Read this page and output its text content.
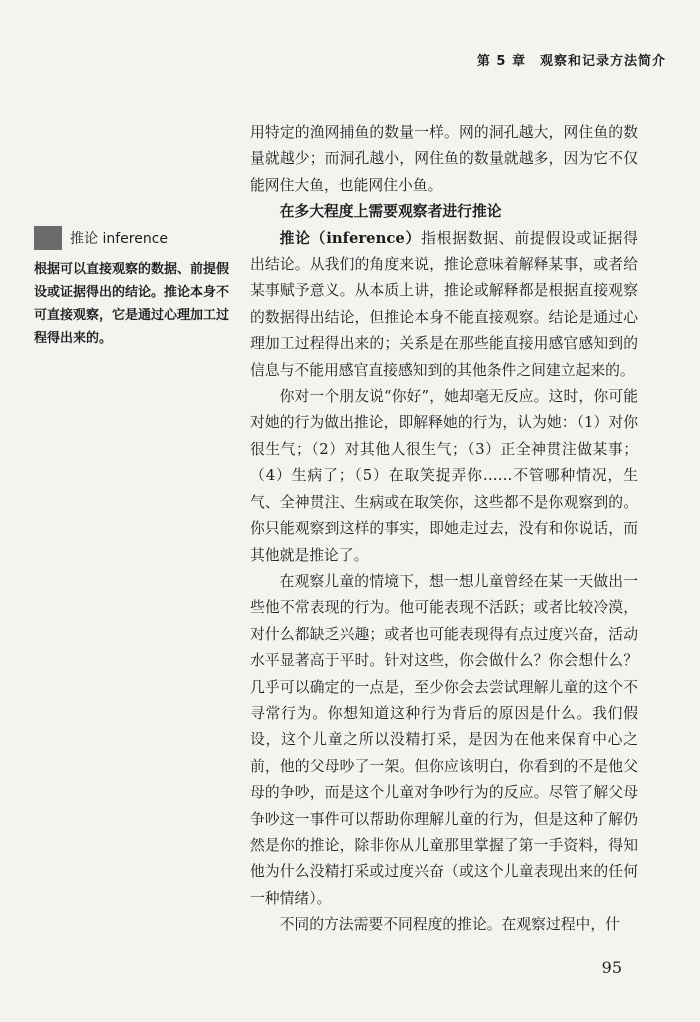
第 5 章 观察和记录方法简介
推论 inference
根据可以直接观察的数据、前提假设或证据得出的结论。推论本身不可直接观察，它是通过心理加工过程得出来的。

用特定的渔网捕鱼的数量一样。网的洞孔越大，网住鱼的数量就越少；而洞孔越小，网住鱼的数量就越多，因为它不仅能网住大鱼，也能网住小鱼。

在多大程度上需要观察者进行推论

推论（inference）指根据数据、前提假设或证据得出结论。从我们的角度来说，推论意味着解释某事，或者给某事赋予意义。从本质上讲，推论或解释都是根据直接观察的数据得出结论，但推论本身不能直接观察。结论是通过心理加工过程得出来的；关系是在那些能直接用感官感知到的信息与不能用感官直接感知到的其他条件之间建立起来的。

你对一个朋友说“你好”，她却毫无反应。这时，你可能对她的行为做出推论，即解释她的行为，认为她：（1）对你很生气；（2）对其他人很生气；（3）正全神贯注做某事；（4）生病了；（5）在取笑捉弄你……不管哪种情况，生气、全神贯注、生病或在取笑你，这些都不是你观察到的。你只能观察到这样的事实，即她走过去，没有和你说话，而其他就是推论了。

在观察儿童的情境下，想一想儿童曾经在某一天做出一些他不常表现的行为。他可能表现不活跃；或者比较冷漠，对什么都缺乏兴趣；或者也可能表现得有点过度兴奋，活动水平显著高于平时。针对这些，你会做什么？你会想什么？几乎可以确定的一点是，至少你会去尝试理解儿童的这个不寻常行为。你想知道这种行为背后的原因是什么。我们假设，这个儿童之所以没精打采，是因为在他来保育中心之前，他的父母吵了一架。但你应该明白，你看到的不是他父母的争吵，而是这个儿童对争吵行为的反应。尽管了解父母争吵这一事件可以帮助你理解儿童的行为，但是这种了解仍然是你的推论，除非你从儿童那里掌握了第一手资料，得知他为什么没精打采或过度兴奋（或这个儿童表现出来的任何一种情绪）。

不同的方法需要不同程度的推论。在观察过程中，什

95
